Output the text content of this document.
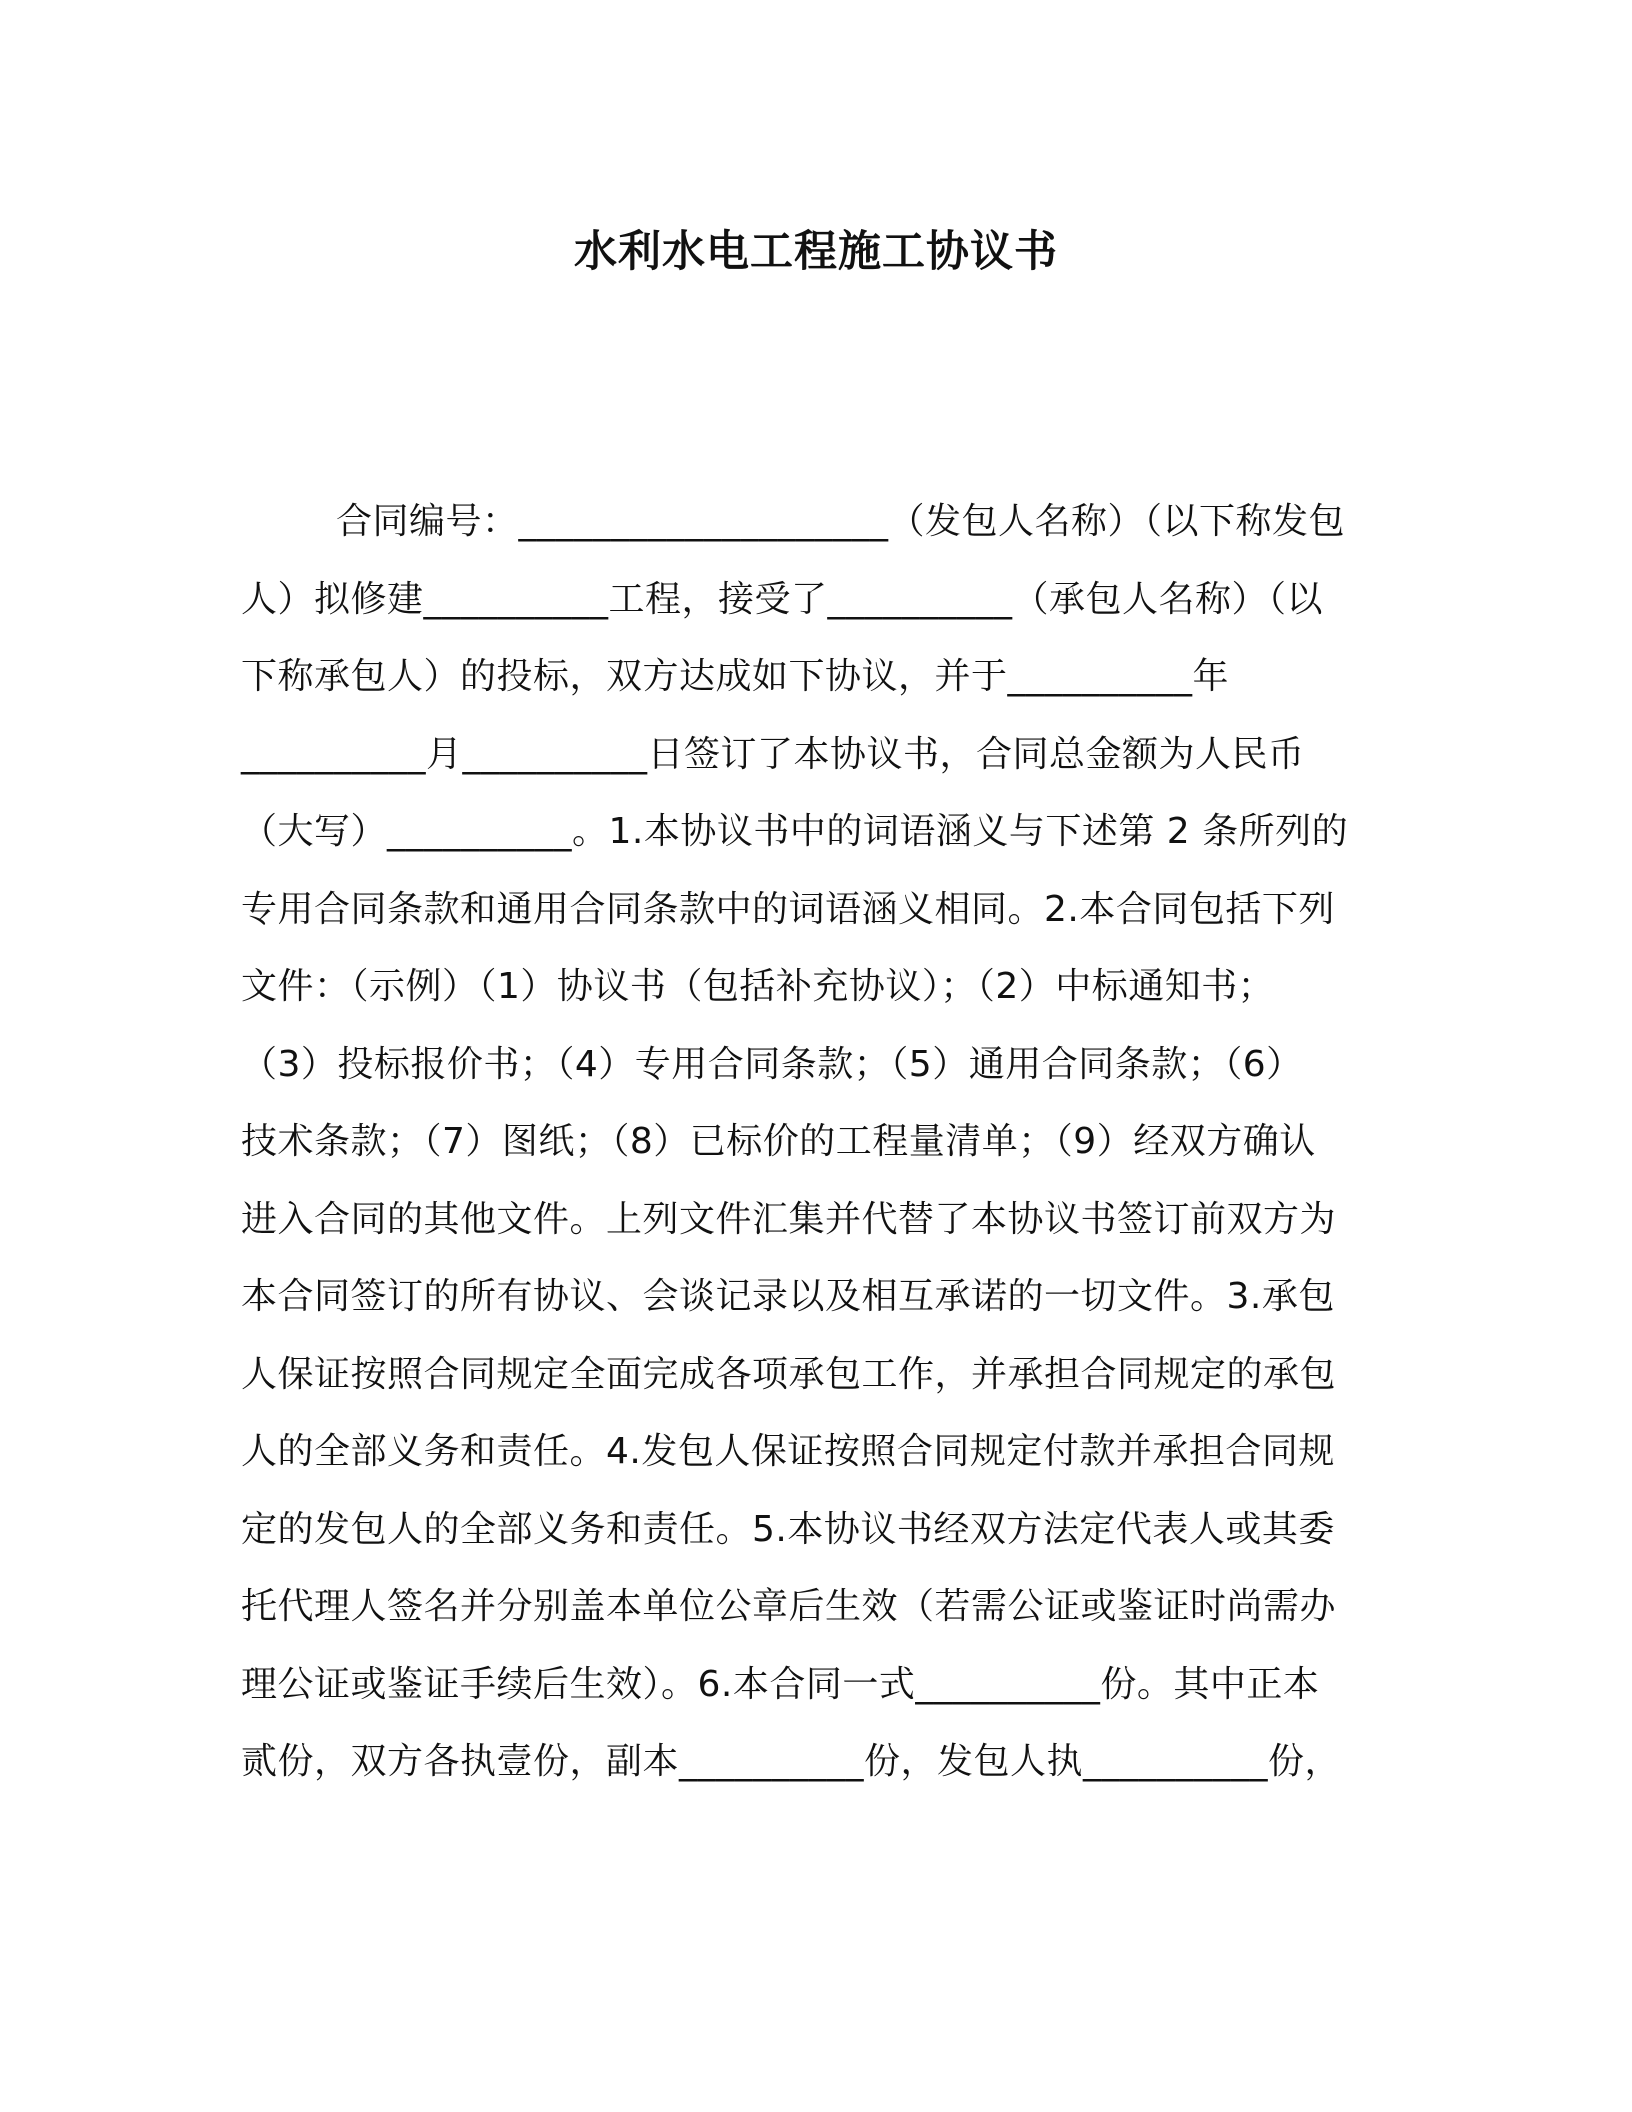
水利水电工程施工协议书
合同编号：____________________（发包人名称）（以下称发包
人）拟修建__________工程，接受了__________（承包人名称）（以
下称承包人）的投标，双方达成如下协议，并于__________年
__________月__________日签订了本协议书，合同总金额为人民币
（大写）__________。1.本协议书中的词语涵义与下述第 2 条所列的
专用合同条款和通用合同条款中的词语涵义相同。2.本合同包括下列
文件：（示例）（1）协议书（包括补充协议）；（2）中标通知书；
（3）投标报价书；（4）专用合同条款；（5）通用合同条款；（6）
技术条款；（7）图纸；（8）已标价的工程量清单；（9）经双方确认
进入合同的其他文件。上列文件汇集并代替了本协议书签订前双方为
本合同签订的所有协议、会谈记录以及相互承诺的一切文件。3.承包
人保证按照合同规定全面完成各项承包工作，并承担合同规定的承包
人的全部义务和责任。4.发包人保证按照合同规定付款并承担合同规
定的发包人的全部义务和责任。5.本协议书经双方法定代表人或其委
托代理人签名并分别盖本单位公章后生效（若需公证或鉴证时尚需办
理公证或鉴证手续后生效）。6.本合同一式__________份。其中正本
贰份，双方各执壹份，副本__________份，发包人执__________份，
